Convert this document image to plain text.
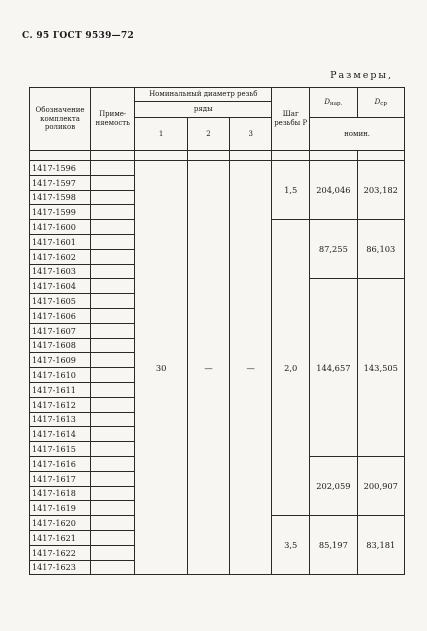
С. 95 ГОСТ 9539—72
Размеры,
Обозначение комплекта роликов	Применяемость	Номинальный диаметр резьб			Шаг резьбы P	Dнар.	Dср
		ряды					
		1	2	3		номин.	

1417-1596		30	—	—	1,5	204,046	203,182
1417-1597							
1417-1598							
1417-1599							
1417-1600					2,0	87,255	86,103
1417-1601							
1417-1602							
1417-1603							
1417-1604						144,657	143,505
1417-1605							
1417-1606							
1417-1607							
1417-1608							
1417-1609							
1417-1610							
1417-1611							
1417-1612							
1417-1613							
1417-1614							
1417-1615							
1417-1616						202,059	200,907
1417-1617							
1417-1618							
1417-1619							
1417-1620					3,5	85,197	83,181
1417-1621							
1417-1622							
1417-1623							
